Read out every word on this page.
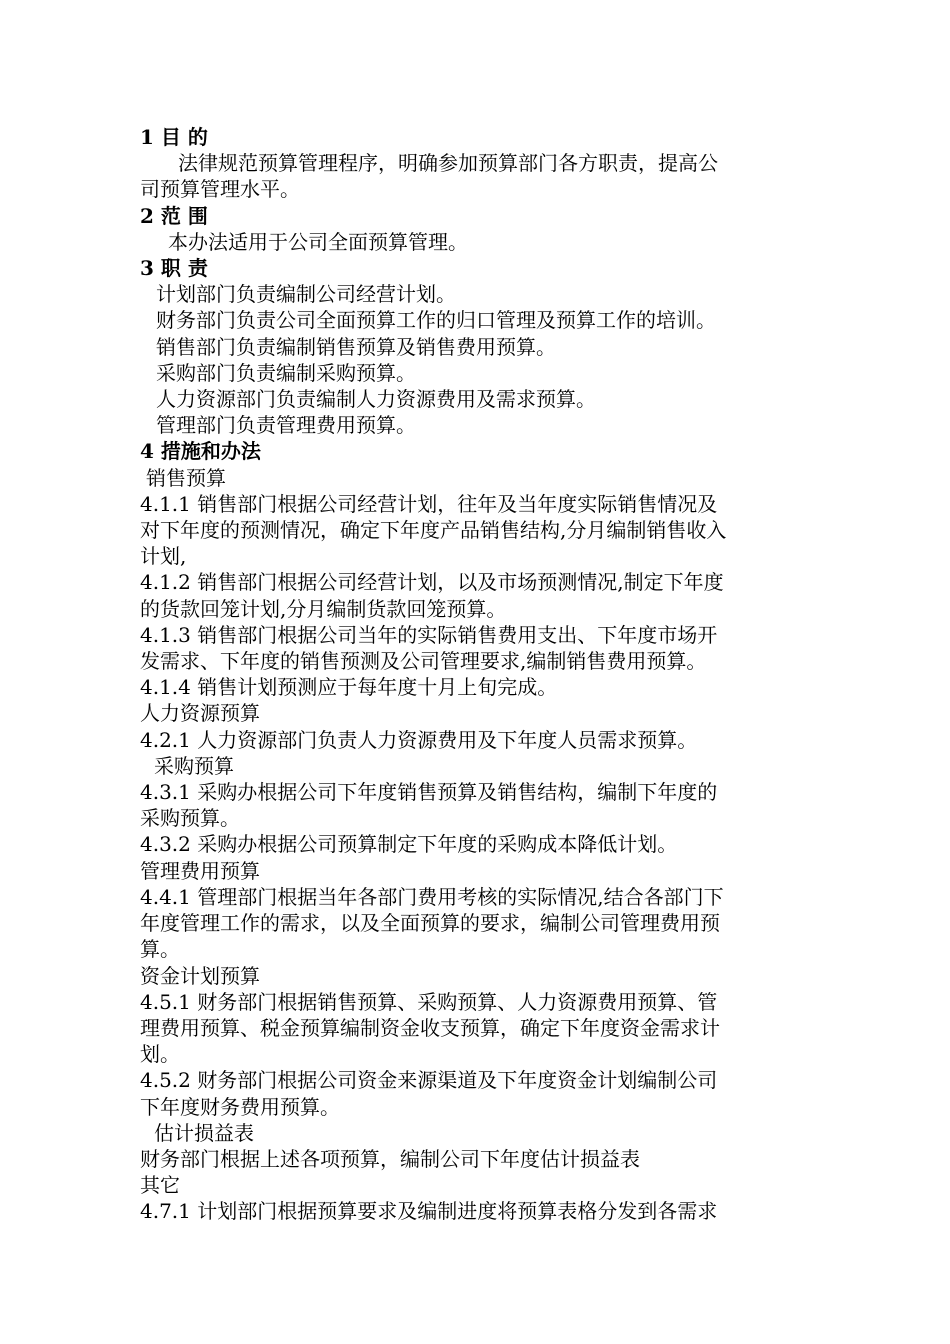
1 目 的
法律规范预算管理程序，明确参加预算部门各方职责，提高公
司预算管理水平。
2 范 围
本办法适用于公司全面预算管理。
3 职 责
计划部门负责编制公司经营计划。
财务部门负责公司全面预算工作的归口管理及预算工作的培训。
销售部门负责编制销售预算及销售费用预算。
采购部门负责编制采购预算。
人力资源部门负责编制人力资源费用及需求预算。
管理部门负责管理费用预算。
4 措施和办法
销售预算
4.1.1 销售部门根据公司经营计划，往年及当年度实际销售情况及
对下年度的预测情况，确定下年度产品销售结构,分月编制销售收入
计划,
4.1.2 销售部门根据公司经营计划，以及市场预测情况,制定下年度
的货款回笼计划,分月编制货款回笼预算。
4.1.3 销售部门根据公司当年的实际销售费用支出、下年度市场开
发需求、下年度的销售预测及公司管理要求,编制销售费用预算。
4.1.4 销售计划预测应于每年度十月上旬完成。
人力资源预算
4.2.1 人力资源部门负责人力资源费用及下年度人员需求预算。
采购预算
4.3.1 采购办根据公司下年度销售预算及销售结构，编制下年度的
采购预算。
4.3.2 采购办根据公司预算制定下年度的采购成本降低计划。
管理费用预算
4.4.1 管理部门根据当年各部门费用考核的实际情况,结合各部门下
年度管理工作的需求，以及全面预算的要求，编制公司管理费用预
算。
资金计划预算
4.5.1 财务部门根据销售预算、采购预算、人力资源费用预算、管
理费用预算、税金预算编制资金收支预算，确定下年度资金需求计
划。
4.5.2 财务部门根据公司资金来源渠道及下年度资金计划编制公司
下年度财务费用预算。
估计损益表
财务部门根据上述各项预算，编制公司下年度估计损益表
其它
4.7.1 计划部门根据预算要求及编制进度将预算表格分发到各需求
